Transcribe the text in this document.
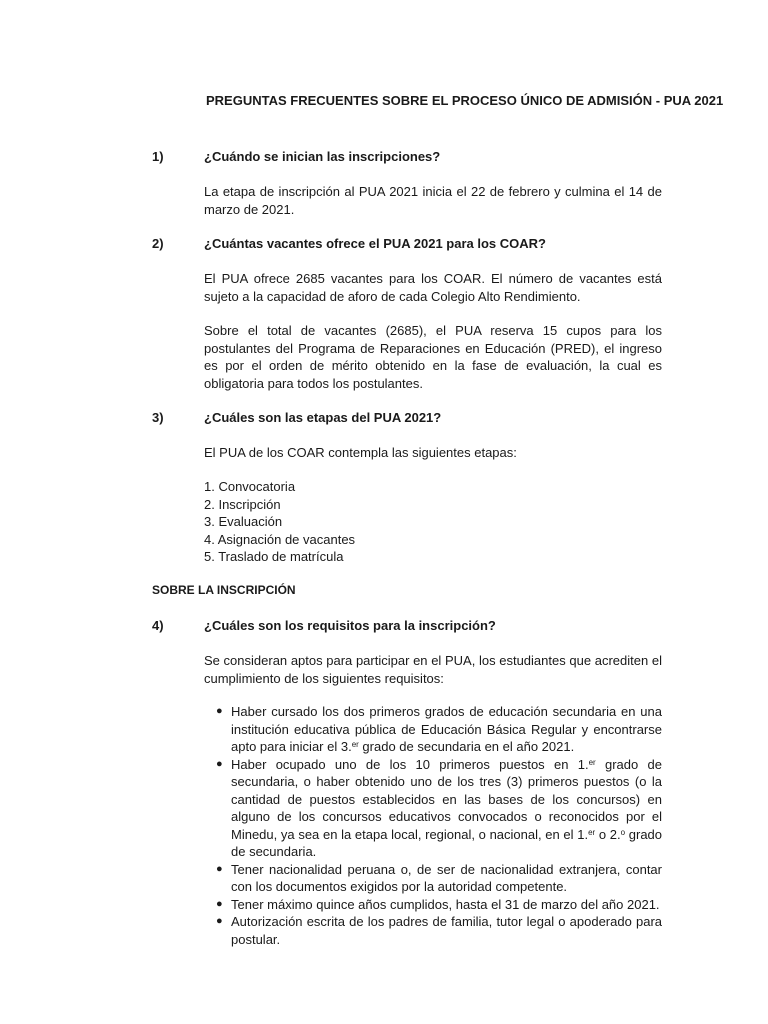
PREGUNTAS FRECUENTES SOBRE EL PROCESO ÚNICO DE ADMISIÓN - PUA 2021
1)	¿Cuándo se inician las inscripciones?
La etapa de inscripción al PUA 2021 inicia el 22 de febrero y culmina el 14 de marzo de 2021.
2)	¿Cuántas vacantes ofrece el PUA 2021 para los COAR?
El PUA ofrece 2685 vacantes para los COAR. El número de vacantes está sujeto a la capacidad de aforo de cada Colegio Alto Rendimiento.
Sobre el total de vacantes (2685), el PUA reserva 15 cupos para los postulantes del Programa de Reparaciones en Educación (PRED), el ingreso es por el orden de mérito obtenido en la fase de evaluación, la cual es obligatoria para todos los postulantes.
3)	¿Cuáles son las etapas del PUA 2021?
El PUA de los COAR contempla las siguientes etapas:
1. Convocatoria
2. Inscripción
3. Evaluación
4. Asignación de vacantes
5. Traslado de matrícula
SOBRE LA INSCRIPCIÓN
4)	¿Cuáles son los requisitos para la inscripción?
Se consideran aptos para participar en el PUA, los estudiantes que acrediten el cumplimiento de los siguientes requisitos:
● Haber cursado los dos primeros grados de educación secundaria en una institución educativa pública de Educación Básica Regular y encontrarse apto para iniciar el 3.$^{er}$ grado de secundaria en el año 2021.
● Haber ocupado uno de los 10 primeros puestos en 1.$^{er}$ grado de secundaria, o haber obtenido uno de los tres (3) primeros puestos (o la cantidad de puestos establecidos en las bases de los concursos) en alguno de los concursos educativos convocados o reconocidos por el Minedu, ya sea en la etapa local, regional, o nacional, en el 1.$^{er}$ o 2.$^o$ grado de secundaria.
● Tener nacionalidad peruana o, de ser de nacionalidad extranjera, contar con los documentos exigidos por la autoridad competente.
● Tener máximo quince años cumplidos, hasta el 31 de marzo del año 2021.
● Autorización escrita de los padres de familia, tutor legal o apoderado para postular.
